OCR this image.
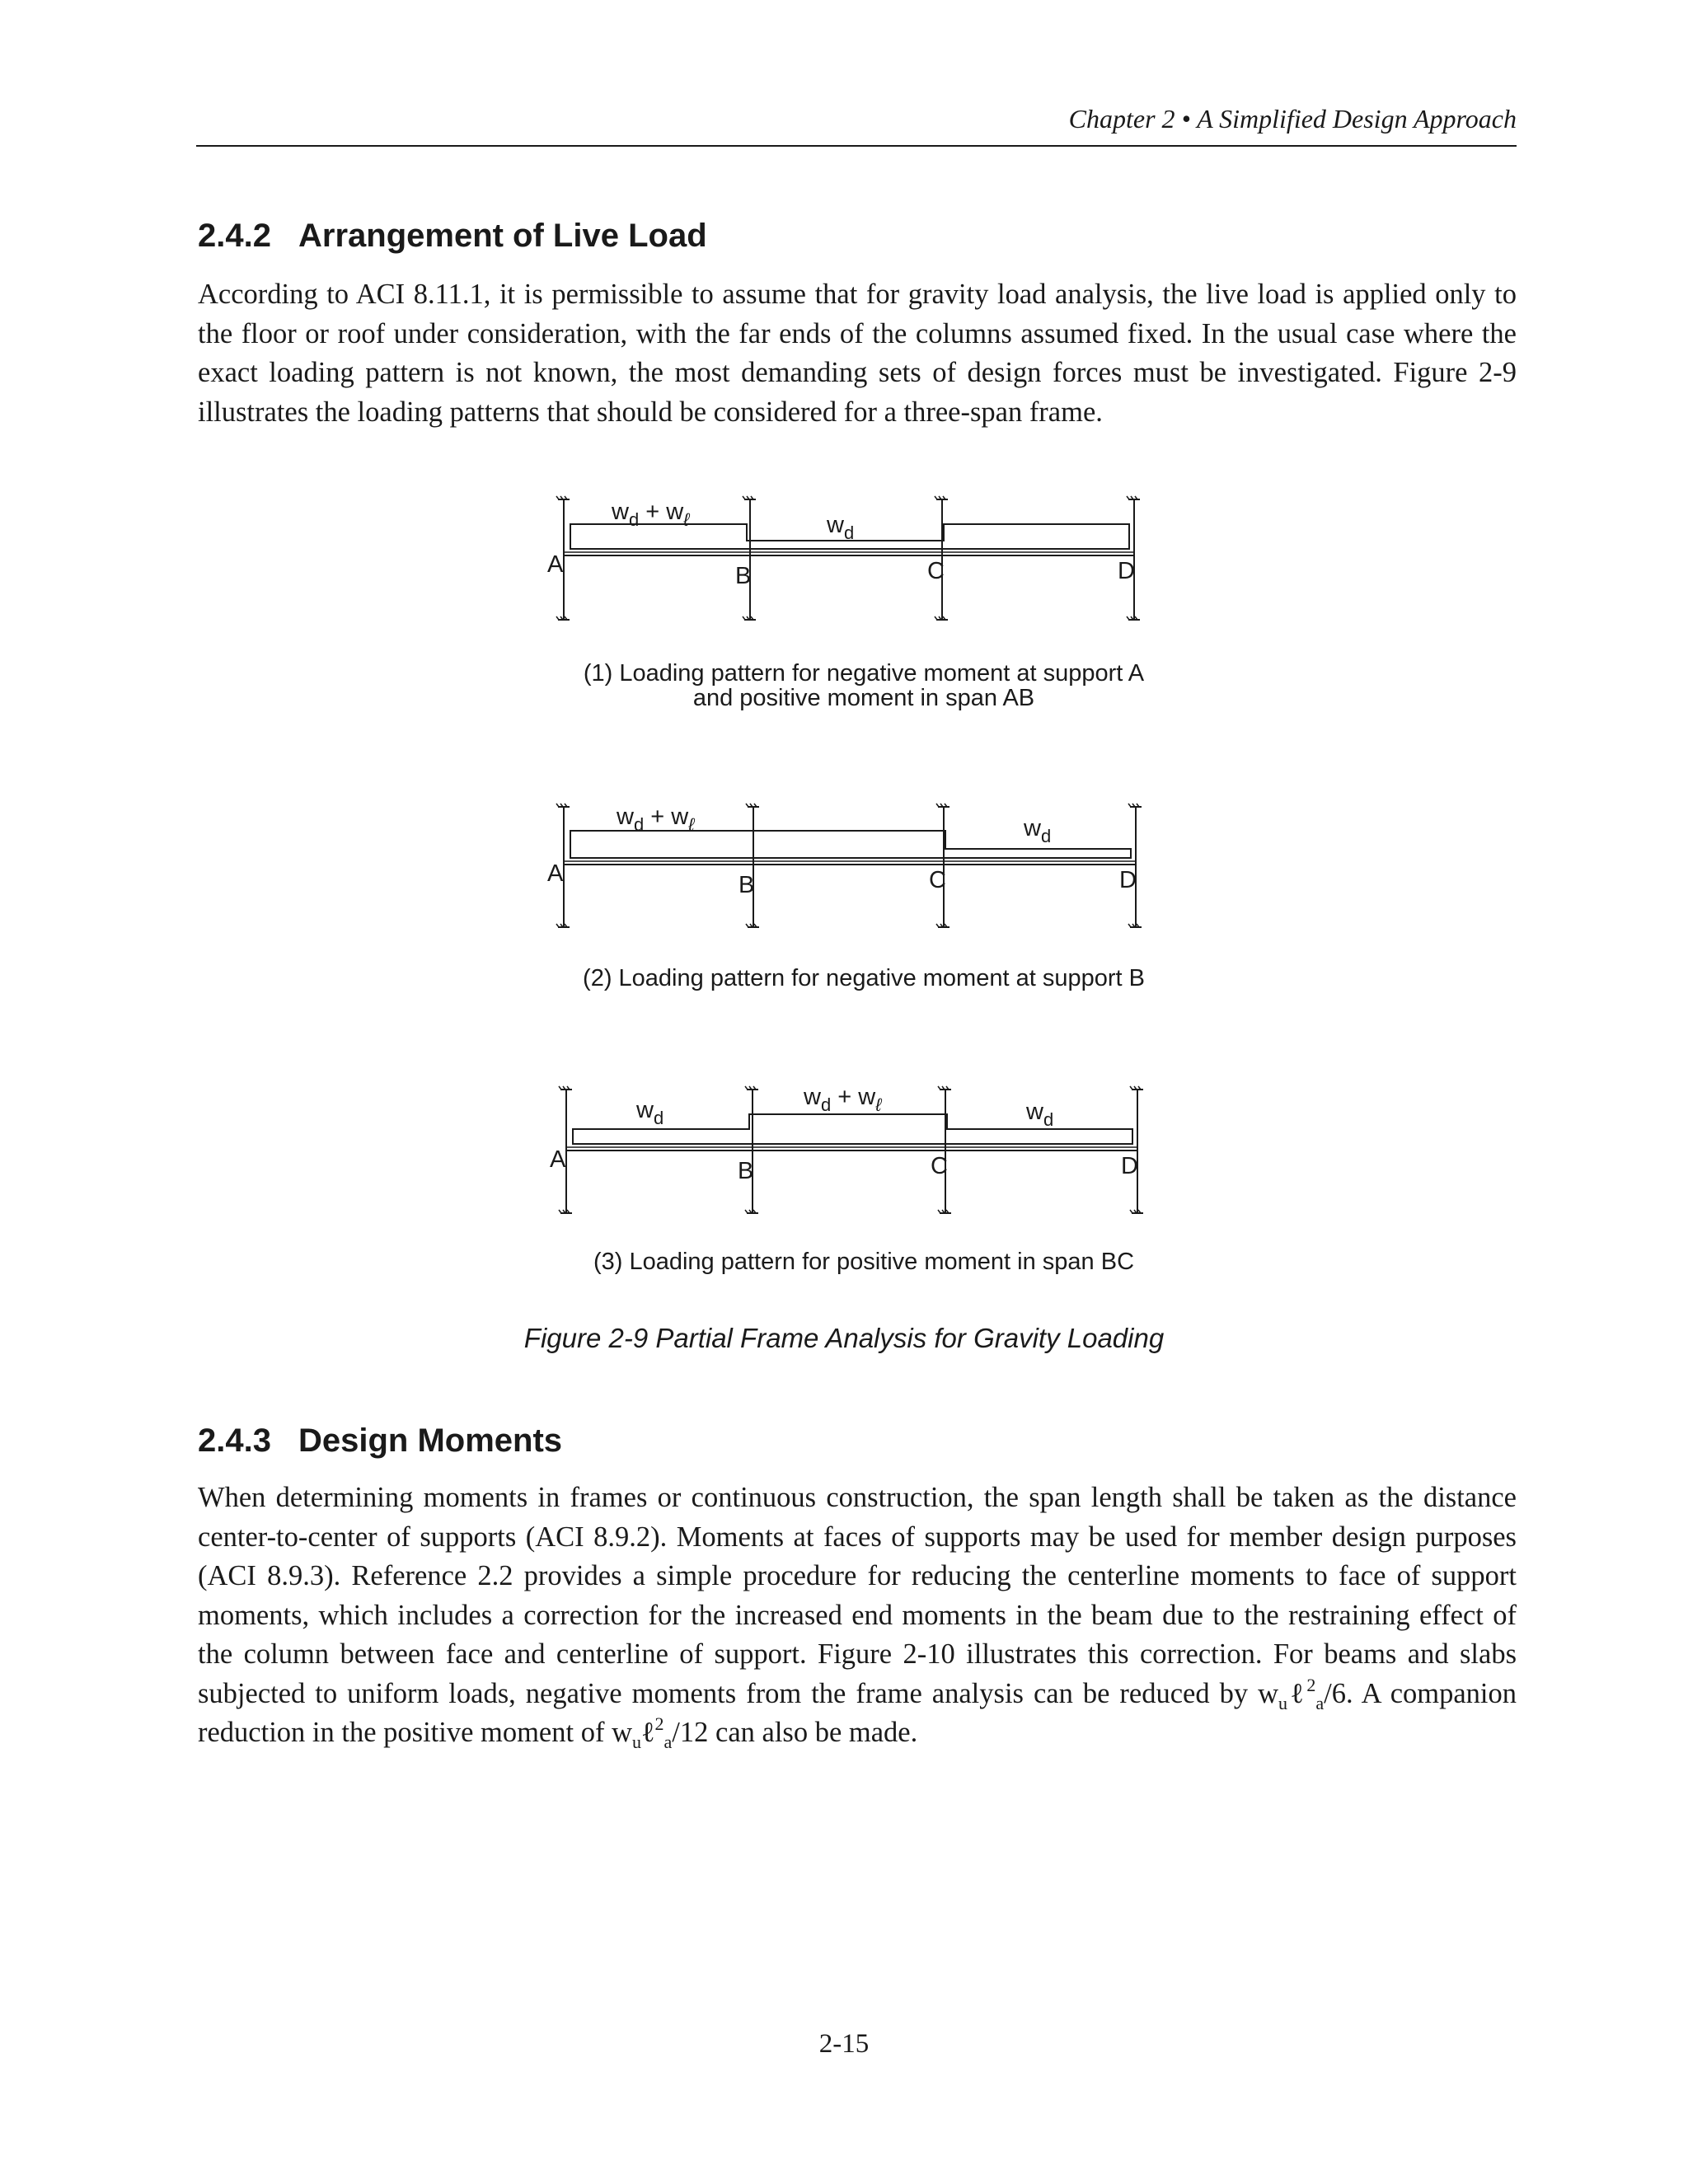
Chapter 2 • A Simplified Design Approach
2.4.2 Arrangement of Live Load

According to ACI 8.11.1, it is permissible to assume that for gravity load analysis, the live load is applied only to the floor or roof under consideration, with the far ends of the columns assumed fixed. In the usual case where the exact loading pattern is not known, the most demanding sets of design forces must be investigated. Figure 2-9 illustrates the loading patterns that should be considered for a three-span frame.

A	B	C	D
$w_d + w_\ell$	$w_d$
(1) Loading pattern for negative moment at support A
and positive moment in span AB
A	B	C	D
$w_d + w_\ell$	$w_d$
(2) Loading pattern for negative moment at support B
A	B	C	D
$w_d$
$w_d + w_\ell$	$w_d$
(3) Loading pattern for positive moment in span BC
Figure 2-9 Partial Frame Analysis for Gravity Loading
2.4.3 Design Moments

When determining moments in frames or continuous construction, the span length shall be taken as the distance center-to-center of supports (ACI 8.9.2). Moments at faces of supports may be used for member design purposes (ACI 8.9.3). Reference 2.2 provides a simple procedure for reducing the centerline moments to face of support moments, which includes a correction for the increased end moments in the beam due to the restraining effect of the column between face and centerline of support. Figure 2-10 illustrates this correction. For beams and slabs subjected to uniform loads, negative moments from the frame analysis can be reduced by $w_u\ell^2_a/6$. A companion reduction in the positive moment of $w_u\ell^2_a/12$ can also be made.

2-15
